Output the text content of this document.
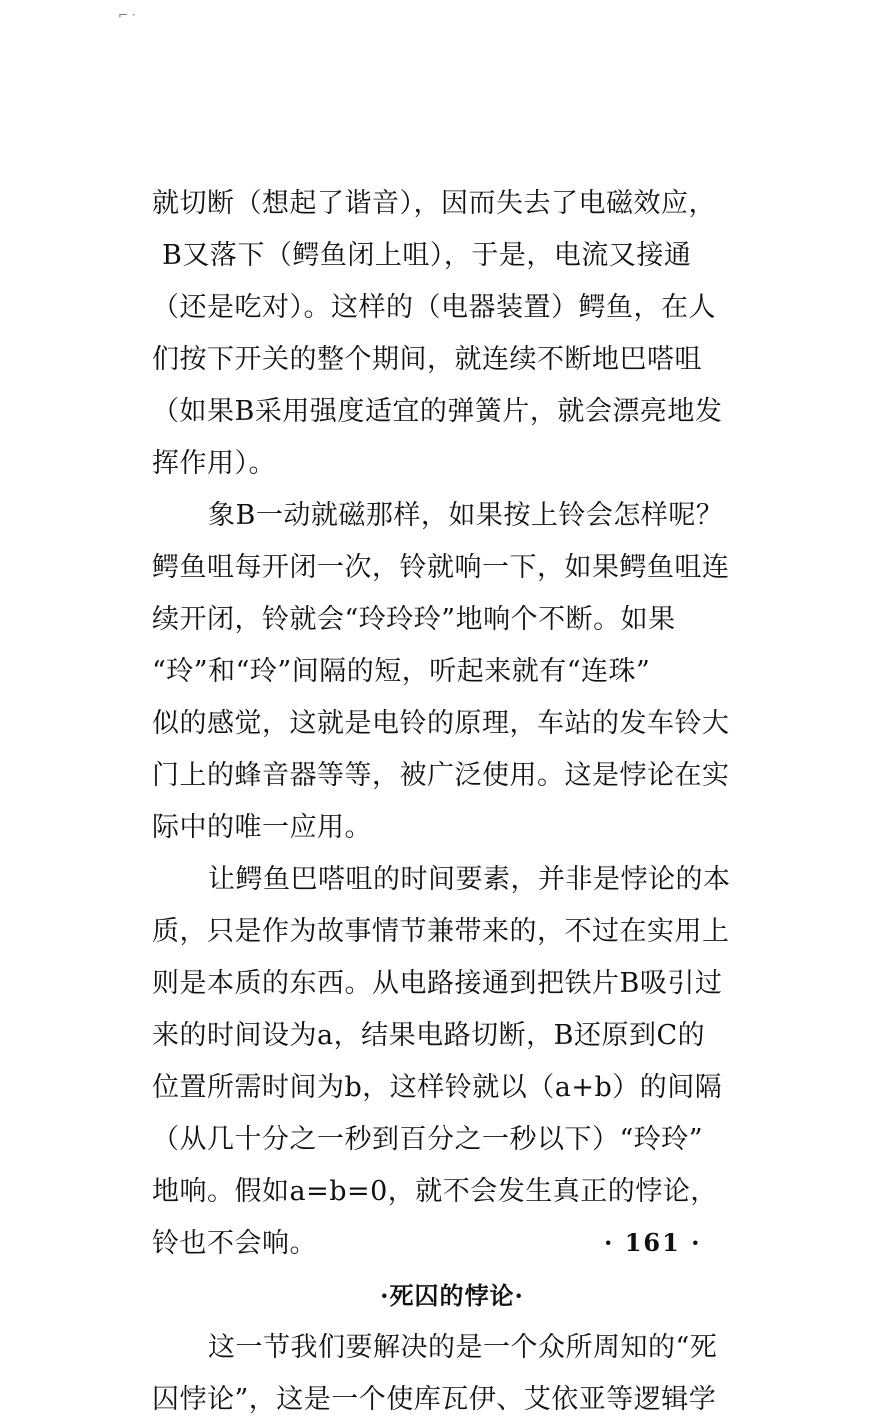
⌐ ·
就切断（想起了谐音），因而失去了电磁效应，
B又落下（鳄鱼闭上咀），于是，电流又接通
（还是吃对）。这样的（电器装置）鳄鱼，在人
们按下开关的整个期间，就连续不断地巴嗒咀
（如果B采用强度适宜的弹簧片，就会漂亮地发
挥作用）。
象B一动就磁那样，如果按上铃会怎样呢？
鳄鱼咀每开闭一次，铃就响一下，如果鳄鱼咀连
续开闭，铃就会“玲玲玲”地响个不断。如果
“玲”和“玲”间隔的短，听起来就有“连珠”
似的感觉，这就是电铃的原理，车站的发车铃大
门上的蜂音器等等，被广泛使用。这是悖论在实
际中的唯一应用。
让鳄鱼巴嗒咀的时间要素，并非是悖论的本
质，只是作为故事情节兼带来的，不过在实用上
则是本质的东西。从电路接通到把铁片B吸引过
来的时间设为a，结果电路切断，B还原到C的
位置所需时间为b，这样铃就以（a+b）的间隔
（从几十分之一秒到百分之一秒以下）“玲玲”
地响。假如a=b=0，就不会发生真正的悖论，
铃也不会响。
·死囚的悖论·
这一节我们要解决的是一个众所周知的“死
囚悖论”，这是一个使库瓦伊、艾依亚等逻辑学
· 161 ·
